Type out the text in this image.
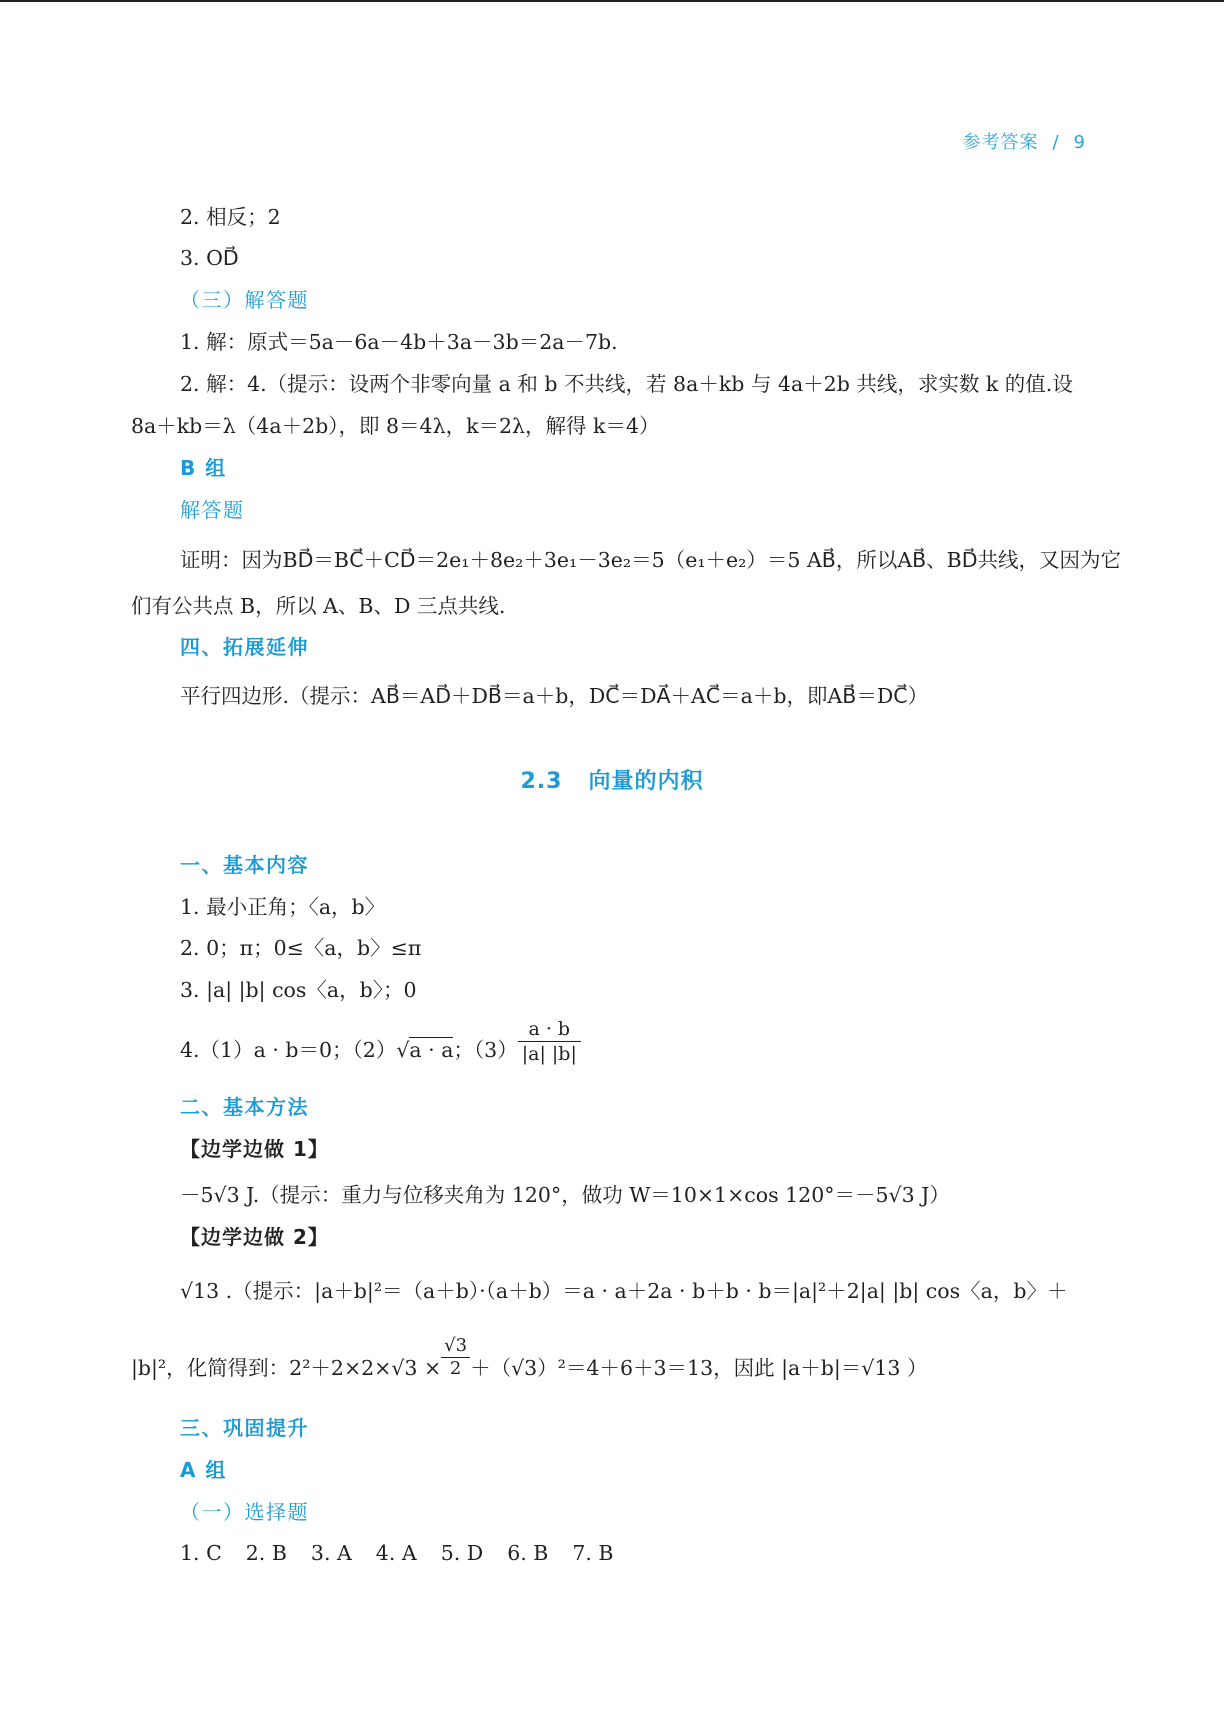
参考答案 / 9
2. 相反；2
3. OD⃗
（三）解答题
1. 解：原式＝5a－6a－4b＋3a－3b＝2a－7b.
2. 解：4.（提示：设两个非零向量 a 和 b 不共线，若 8a＋kb 与 4a＋2b 共线，求实数 k 的值.设
8a＋kb＝λ（4a＋2b），即 8＝4λ，k＝2λ，解得 k＝4）
B 组
解答题
证明：因为BD⃗＝BC⃗＋CD⃗＝2e₁＋8e₂＋3e₁－3e₂＝5（e₁＋e₂）＝5 AB⃗，所以AB⃗、BD⃗共线，又因为它
们有公共点 B，所以 A、B、D 三点共线.
四、拓展延伸
平行四边形.（提示：AB⃗＝AD⃗＋DB⃗＝a＋b，DC⃗＝DA⃗＋AC⃗＝a＋b，即AB⃗＝DC⃗）
2.3 向量的内积
一、基本内容
1. 最小正角；〈a，b〉
2. 0；π；0≤〈a，b〉≤π
3. |a| |b| cos〈a，b〉；0
4.（1）a · b＝0；（2）√a · a；$(3) \frac{a \cdot b}{|a| |b|}$
二、基本方法
【边学边做 1】
－5√3 J.（提示：重力与位移夹角为 120°，做功 W＝10×1×cos 120°＝－5√3 J）
【边学边做 2】
√13 .（提示：|a＋b|²＝（a＋b）·（a＋b）＝a · a＋2a · b＋b · b＝|a|²＋2|a| |b| cos〈a，b〉＋
|b|²，化简得到：$2^2+2\times 2\times√3 \times \frac{√3}{2} +(√3)^2=4+6+3=13$，因此 |a＋b|＝√13 ）
三、巩固提升
A 组
（一）选择题
1. C 2. B 3. A 4. A 5. D 6. B 7. B
